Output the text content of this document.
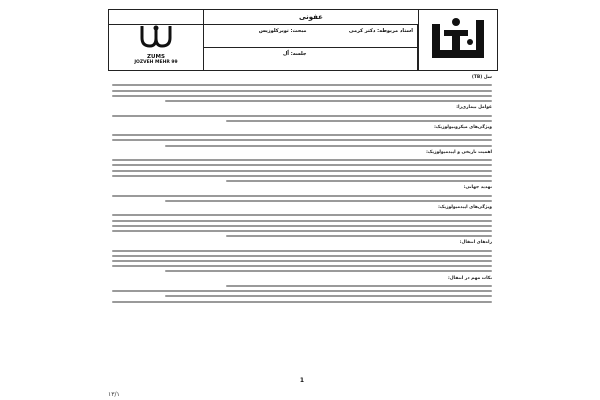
ZUMS
JOZVEH MEHR 99
عفونی
مبحث: توبرکلوزیس	استاد مربوطه: دکتر کرمی
جلسه: اّل
سل (TB)
عوامل بیماری‌زا:
ویژگی‌های میکروبیولوژیک:
اهمیت تاریخی و اپیدمیولوژیک:
تهدید جهانی:
ویژگی‌های اپیدمیولوژیک:
راه‌های انتقال:
نکات مهم در انتقال:
1
۱۳/۱
